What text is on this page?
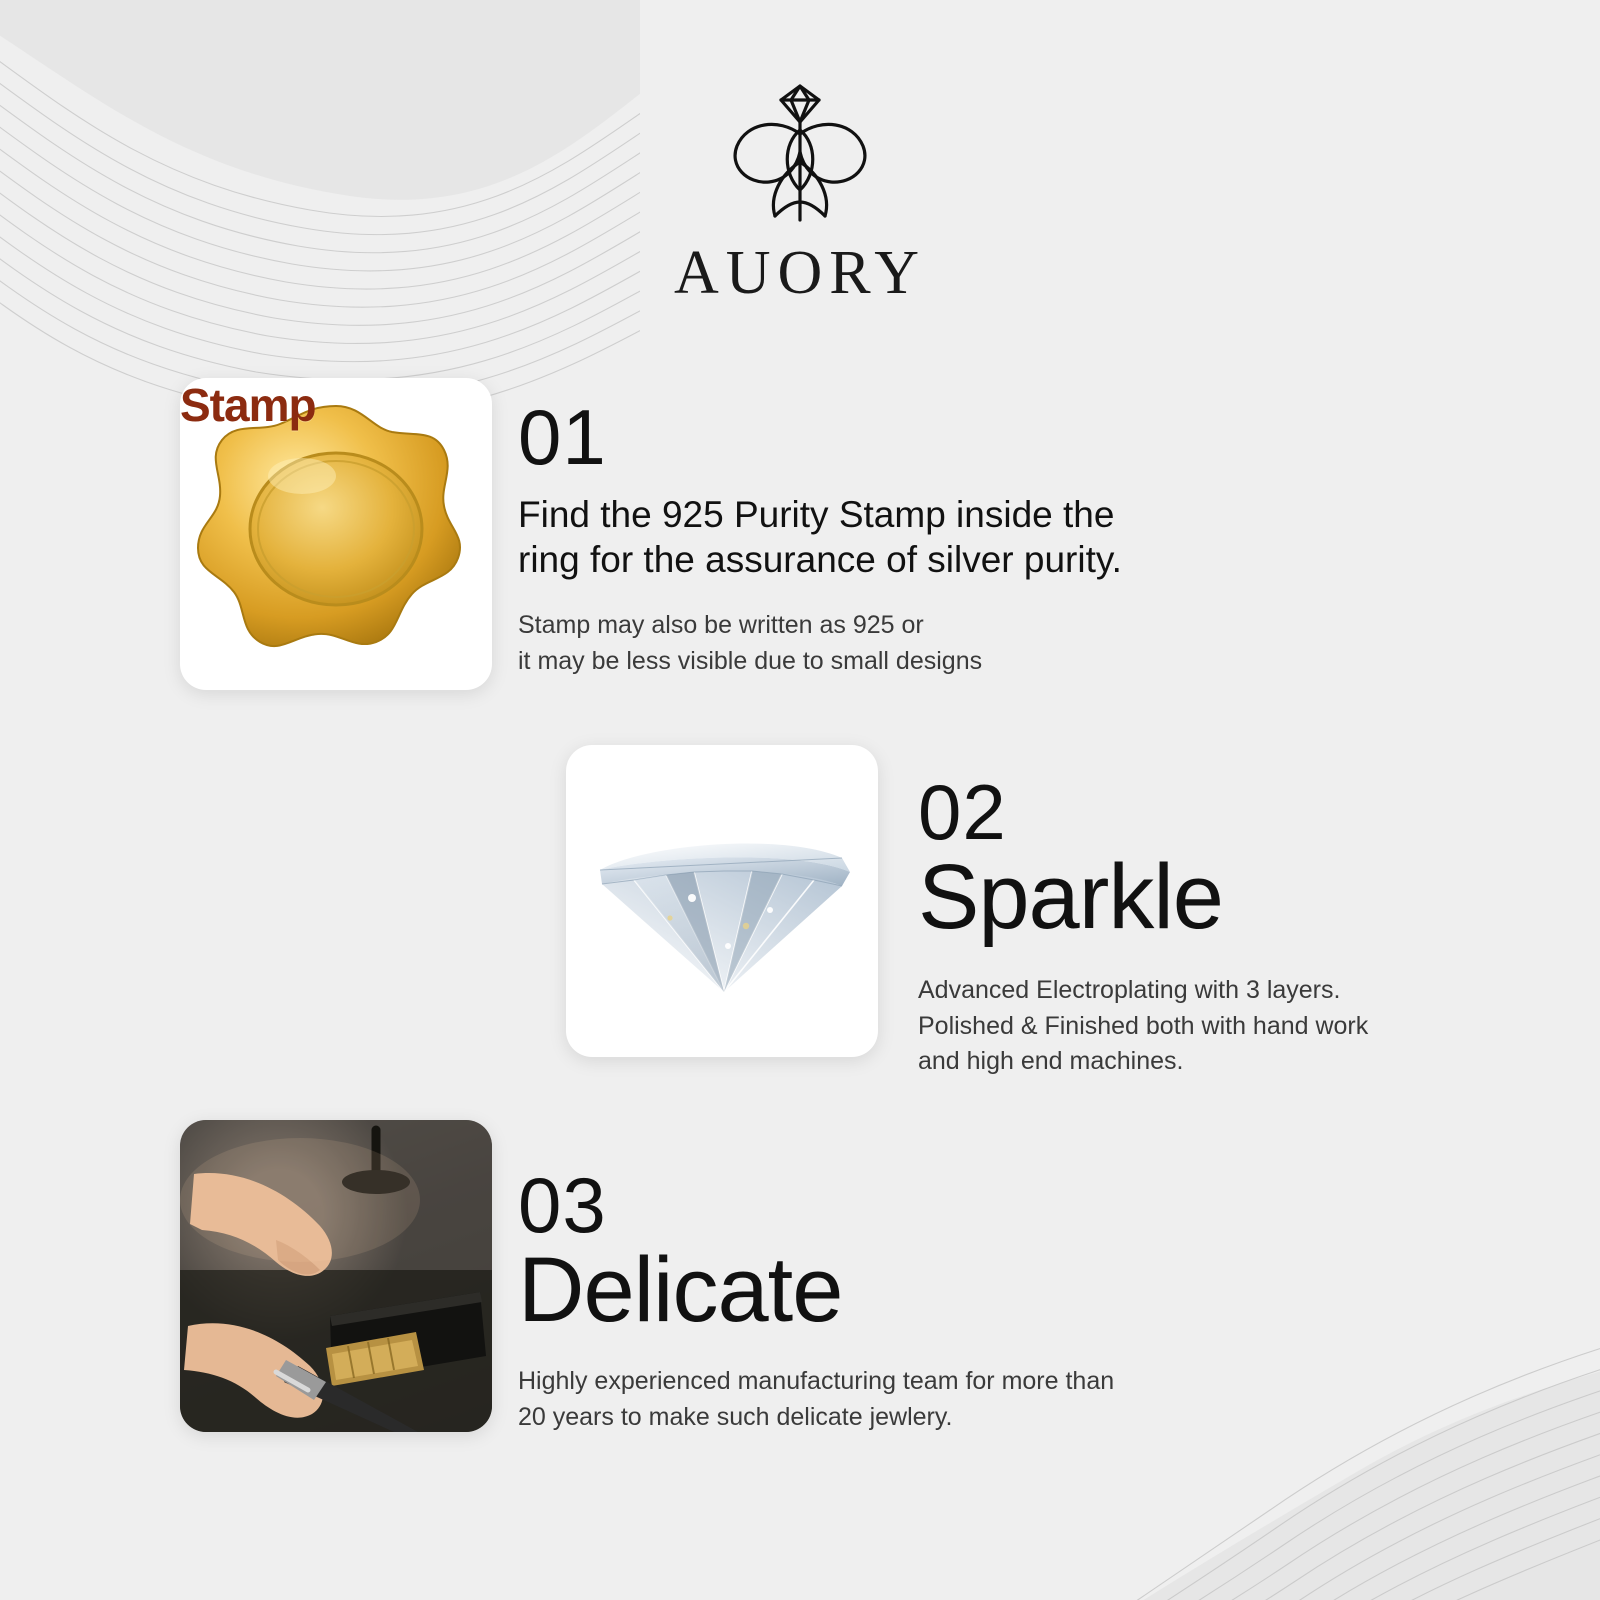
AUORY
Stamp	01
Find the 925 Purity Stamp inside the ring for the assurance of silver purity.
Stamp may also be written as 925 or
it may be less visible due to small designs
02
Sparkle
Advanced Electroplating with 3 layers.
Polished & Finished both with hand work
and high end machines.
03
Delicate
Highly experienced manufacturing team for more than
20 years to make such delicate jewlery.
